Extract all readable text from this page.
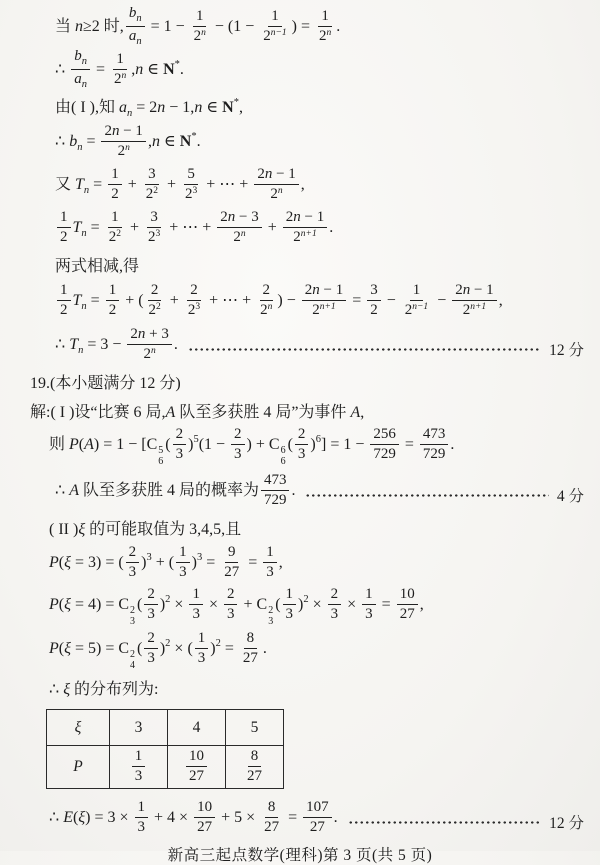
当 n≥2 时, $\frac{b_n}{a_n} = 1 - \frac{1}{2^n} - (1 - \frac{1}{2^{n-1}}$ ) = $\frac{1}{2^n}$ .
∴ $\frac{b_n}{a_n} = \frac{1}{2^n} ,n$ ∈ N*.
由( I ),知 $a_n = 2n - 1,n$ ∈ N*,
∴ $b_n = \frac{2n - 1}{2^n} ,n$ ∈ N*.
又 $T_n = \frac{1}{2} + \frac{3}{2^2} + \frac{5}{2^3}$ + ⋯ + $\frac{2n - 1}{2^n}$ ,
$\frac{1}{2} T_n = \frac{1}{2^2} + \frac{3}{2^3}$ + ⋯ + $\frac{2n - 3}{2^n} + \frac{2n - 1}{2^{n+1}}$ .
两式相减,得
$\frac{1}{2} T_n = \frac{1}{2}$ + ( $\frac{2}{2^2} + \frac{2}{2^3}$ + ⋯ + $\frac{2}{2^n}$ ) − $\frac{2n - 1}{2^{n+1}} = \frac{3}{2} - \frac{1}{2^{n-1}} - \frac{2n - 1}{2^{n+1}}$ ,
∴ $T_n = 3 - \frac{2n + 3}{2^n}$ .	12 分
19.(本小题满分 12 分)
解:( I )设“比赛 6 局,A 队至多获胜 4 局”为事件 A,
则 P(A) = 1 − [C 5
6
( $\frac{2}{3} )^5(1 - \frac{2}{3}$ ) + C 6
6
( $\frac{2}{3} )^6] = 1 - \frac{256}{729} = \frac{473}{729}$ .
∴ A 队至多获胜 4 局的概率为 $\frac{473}{729}$ .	4 分
( II )ξ 的可能取值为 3,4,5,且
P(ξ = 3) = ( $\frac{2}{3} )^3$ + ( $\frac{1}{3} )^3 = \frac{9}{27} = \frac{1}{3}$ ,
P(ξ = 4) = C 2
3
( $\frac{2}{3} )^2 \times \frac{1}{3} \times \frac{2}{3} + C$ 2
3
( $\frac{1}{3} )^2 \times \frac{2}{3} \times \frac{1}{3} = \frac{10}{27}$ ,
P(ξ = 5) = C 2
4
( $\frac{2}{3} )^2$ × ( $\frac{1}{3} )^2 = \frac{8}{27}$ .
∴ ξ 的分布列为:
ξ	3	4	5
P	$\frac{1}{3}$	$\frac{10}{27}$	$\frac{8}{27}$
∴ $E(\xi) = 3 \times \frac{1}{3} + 4 \times \frac{10}{27} + 5 \times \frac{8}{27} = \frac{107}{27}$ .	12 分
新高三起点数学(理科)第 3 页(共 5 页)
